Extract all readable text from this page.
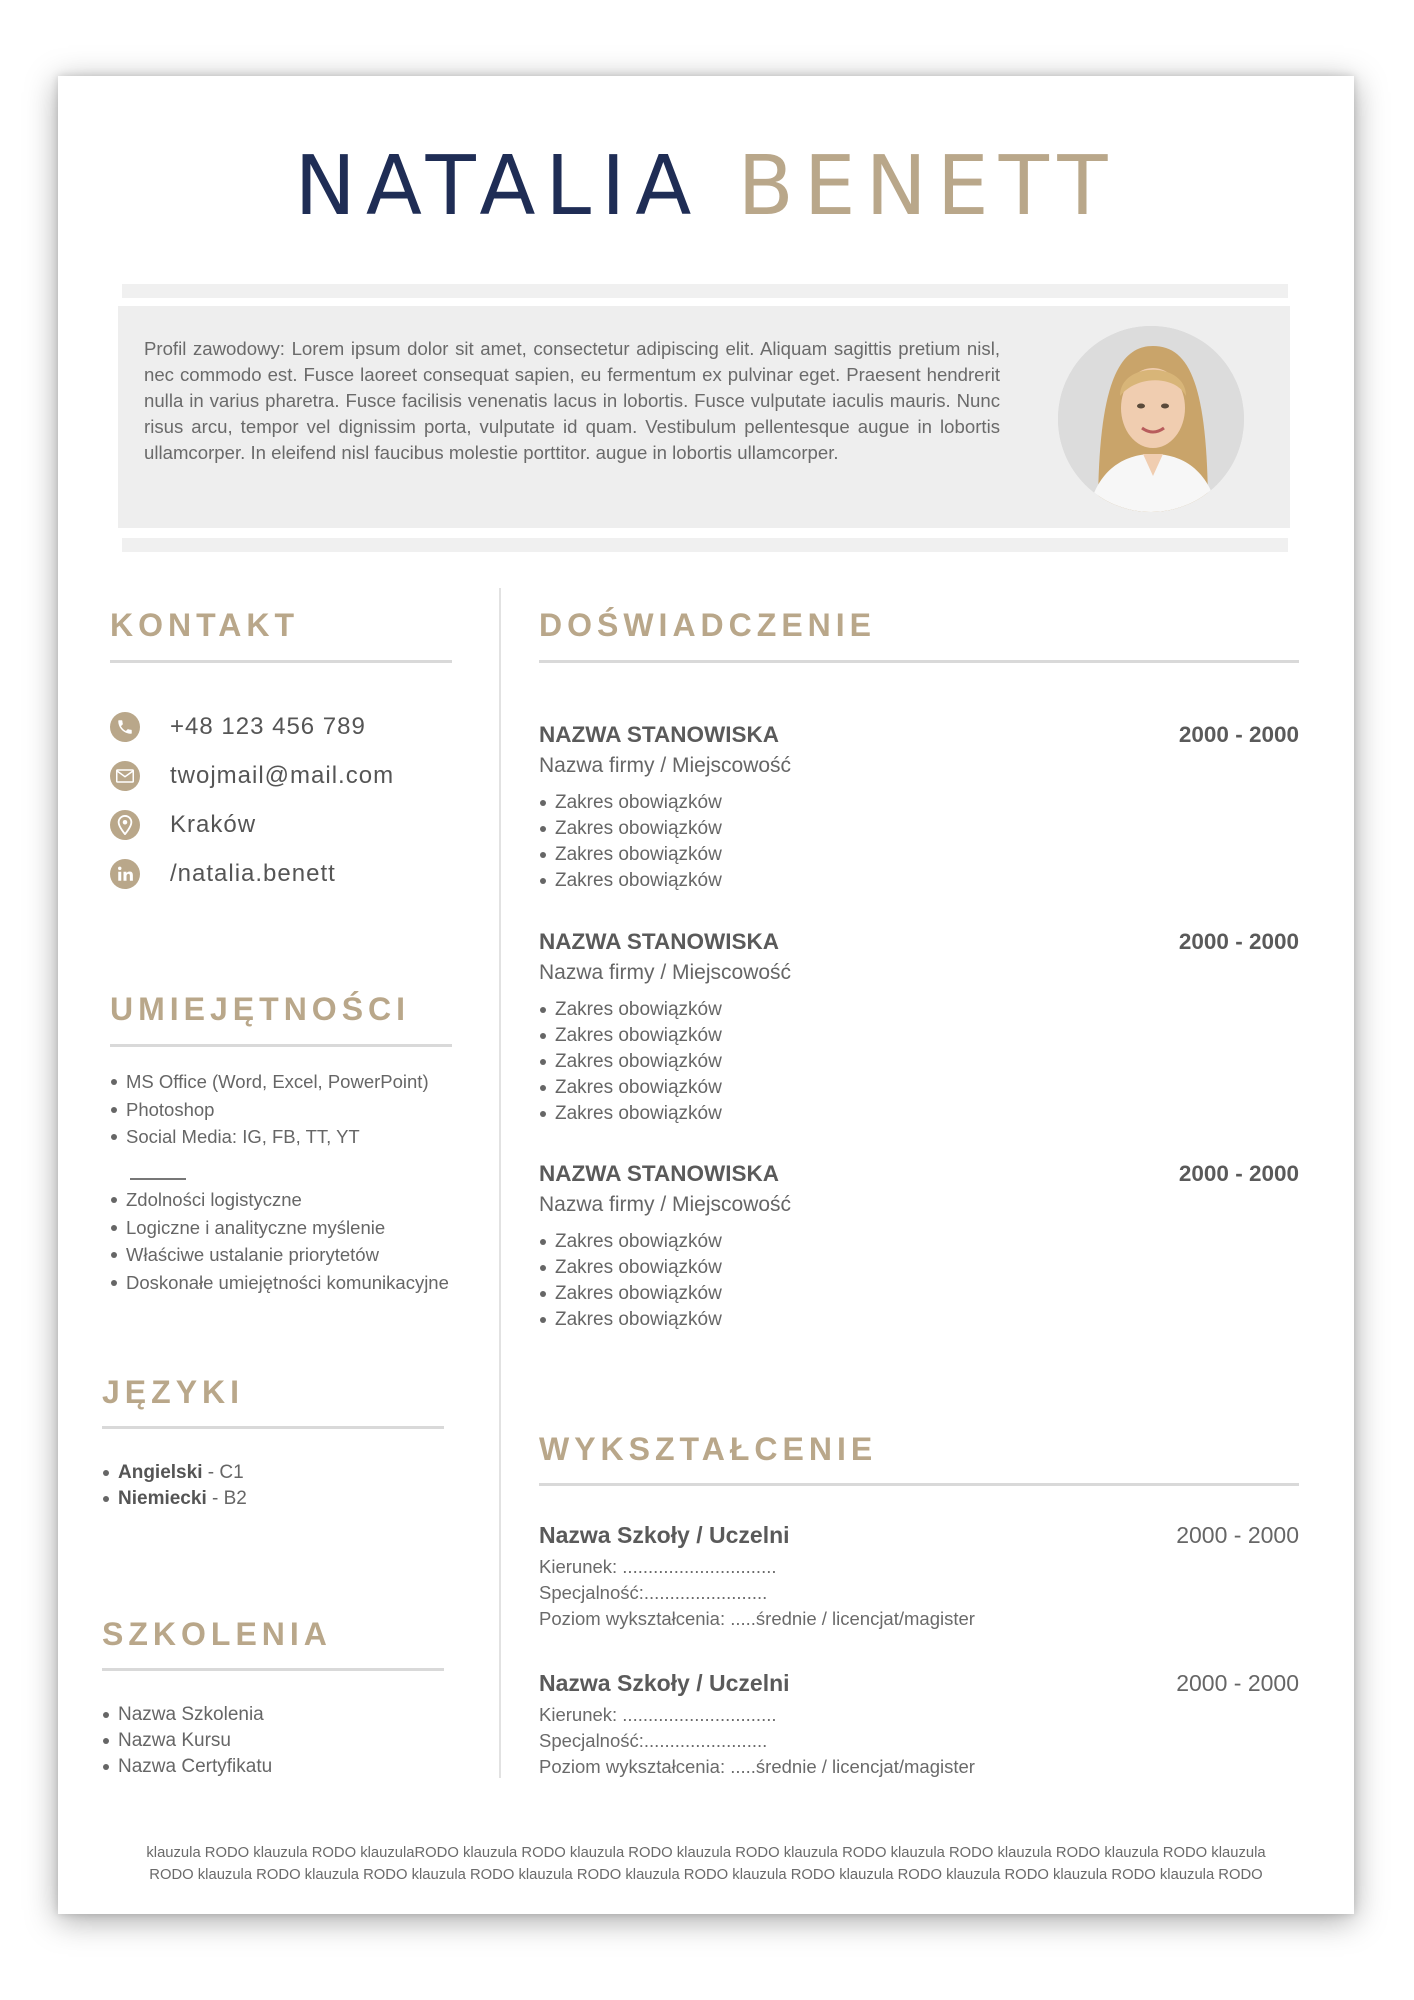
NATALIA BENETT
Profil zawodowy: Lorem ipsum dolor sit amet, consectetur adipiscing elit. Aliquam sagittis pretium nisl, nec commodo est. Fusce laoreet consequat sapien, eu fermentum ex pulvinar eget. Praesent hendrerit nulla in varius pharetra. Fusce facilisis venenatis lacus in lobortis. Fusce vulputate iaculis mauris. Nunc risus arcu, tempor vel dignissim porta, vulputate id quam. Vestibulum pellentesque augue in lobortis ullamcorper. In eleifend nisl faucibus molestie porttitor. augue in lobortis ullamcorper.
KONTAKT
+48 123 456 789
twojmail@mail.com
Kraków
/natalia.benett
UMIEJĘTNOŚCI
MS Office (Word, Excel, PowerPoint)
Photoshop
Social Media: IG, FB, TT, YT
Zdolności logistyczne
Logiczne i analityczne myślenie
Właściwe ustalanie priorytetów
Doskonałe umiejętności komunikacyjne
JĘZYKI
Angielski - C1
Niemiecki - B2
SZKOLENIA
Nazwa Szkolenia
Nazwa Kursu
Nazwa Certyfikatu
DOŚWIADCZENIE
NAZWA STANOWISKA	2000 - 2000
Nazwa firmy / Miejscowość
Zakres obowiązków
Zakres obowiązków
Zakres obowiązków
Zakres obowiązków
NAZWA STANOWISKA	2000 - 2000
Nazwa firmy / Miejscowość
Zakres obowiązków
Zakres obowiązków
Zakres obowiązków
Zakres obowiązków
Zakres obowiązków
NAZWA STANOWISKA	2000 - 2000
Nazwa firmy / Miejscowość
Zakres obowiązków
Zakres obowiązków
Zakres obowiązków
Zakres obowiązków
WYKSZTAŁCENIE
Nazwa Szkoły / Uczelni	2000 - 2000
Kierunek: ..............................
Specjalność:........................
Poziom wykształcenia: .....średnie / licencjat/magister
Nazwa Szkoły / Uczelni	2000 - 2000
Kierunek: ..............................
Specjalność:........................
Poziom wykształcenia: .....średnie / licencjat/magister
klauzula RODO klauzula RODO klauzulaRODO klauzula RODO klauzula RODO klauzula RODO klauzula RODO klauzula RODO klauzula RODO klauzula RODO klauzula
RODO klauzula RODO klauzula RODO klauzula RODO klauzula RODO klauzula RODO klauzula RODO klauzula RODO klauzula RODO klauzula RODO klauzula RODO
